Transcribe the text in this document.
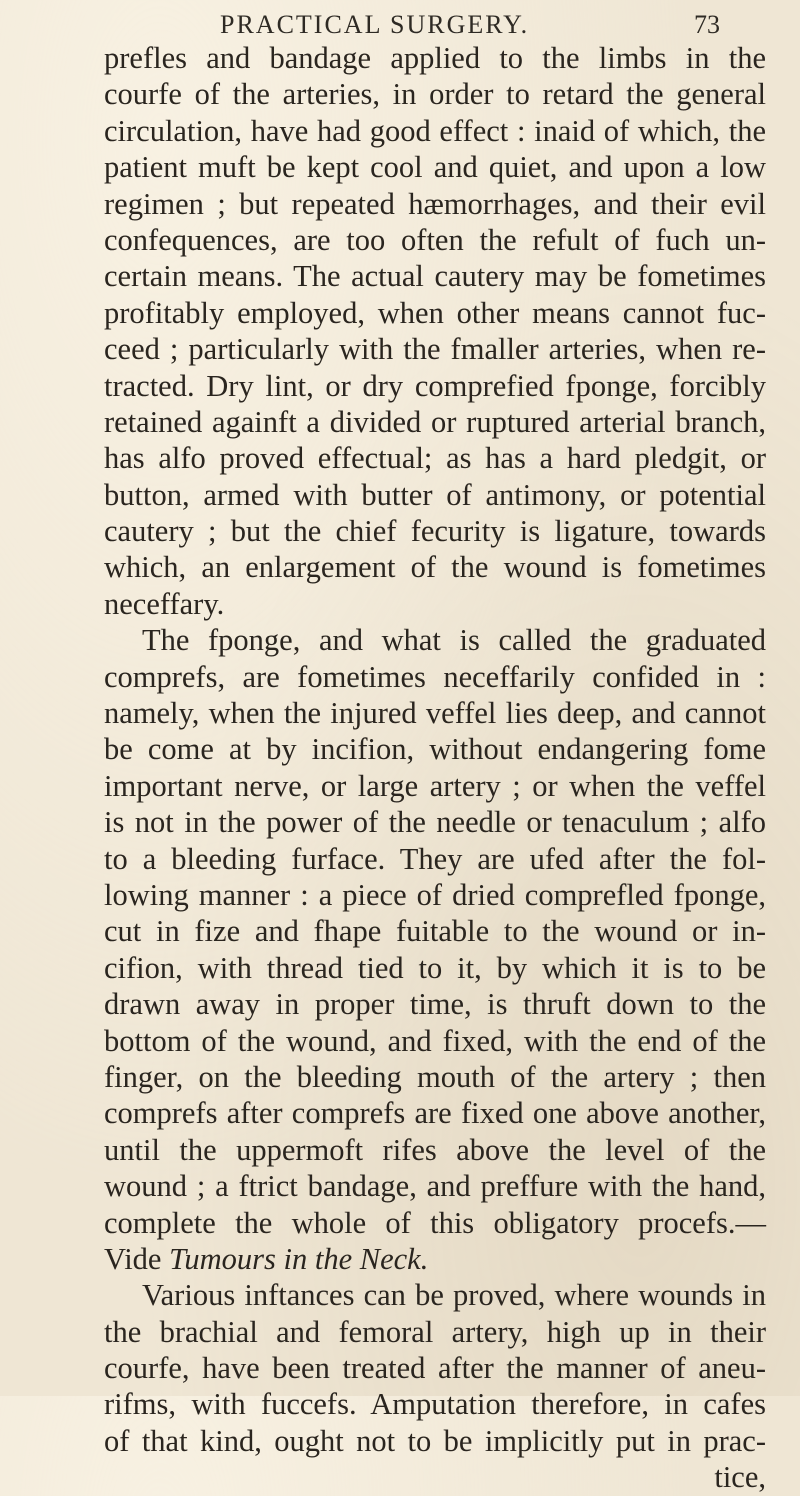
PRACTICAL SURGERY.	73
prefles and bandage applied to the limbs in the
courfe of the arteries, in order to retard the general
circulation, have had good effect : inaid of which, the
patient muft be kept cool and quiet, and upon a low
regimen ; but repeated hæmorrhages, and their evil
confequences, are too often the refult of fuch un-
certain means. The actual cautery may be fometimes
profitably employed, when other means cannot fuc-
ceed ; particularly with the fmaller arteries, when re-
tracted. Dry lint, or dry comprefied fponge, forcibly
retained againft a divided or ruptured arterial branch,
has alfo proved effectual; as has a hard pledgit, or
button, armed with butter of antimony, or potential
cautery ; but the chief fecurity is ligature, towards
which, an enlargement of the wound is fometimes
neceffary.
The fponge, and what is called the graduated
comprefs, are fometimes neceffarily confided in :
namely, when the injured veffel lies deep, and cannot
be come at by incifion, without endangering fome
important nerve, or large artery ; or when the veffel
is not in the power of the needle or tenaculum ; alfo
to a bleeding furface. They are ufed after the fol-
lowing manner : a piece of dried comprefled fponge,
cut in fize and fhape fuitable to the wound or in-
cifion, with thread tied to it, by which it is to be
drawn away in proper time, is thruft down to the
bottom of the wound, and fixed, with the end of the
finger, on the bleeding mouth of the artery ; then
comprefs after comprefs are fixed one above another,
until the uppermoft rifes above the level of the
wound ; a ftrict bandage, and preffure with the hand,
complete the whole of this obligatory procefs.—
Vide Tumours in the Neck.
Various inftances can be proved, where wounds in
the brachial and femoral artery, high up in their
courfe, have been treated after the manner of aneu-
rifms, with fuccefs. Amputation therefore, in cafes
of that kind, ought not to be implicitly put in prac-
tice,
